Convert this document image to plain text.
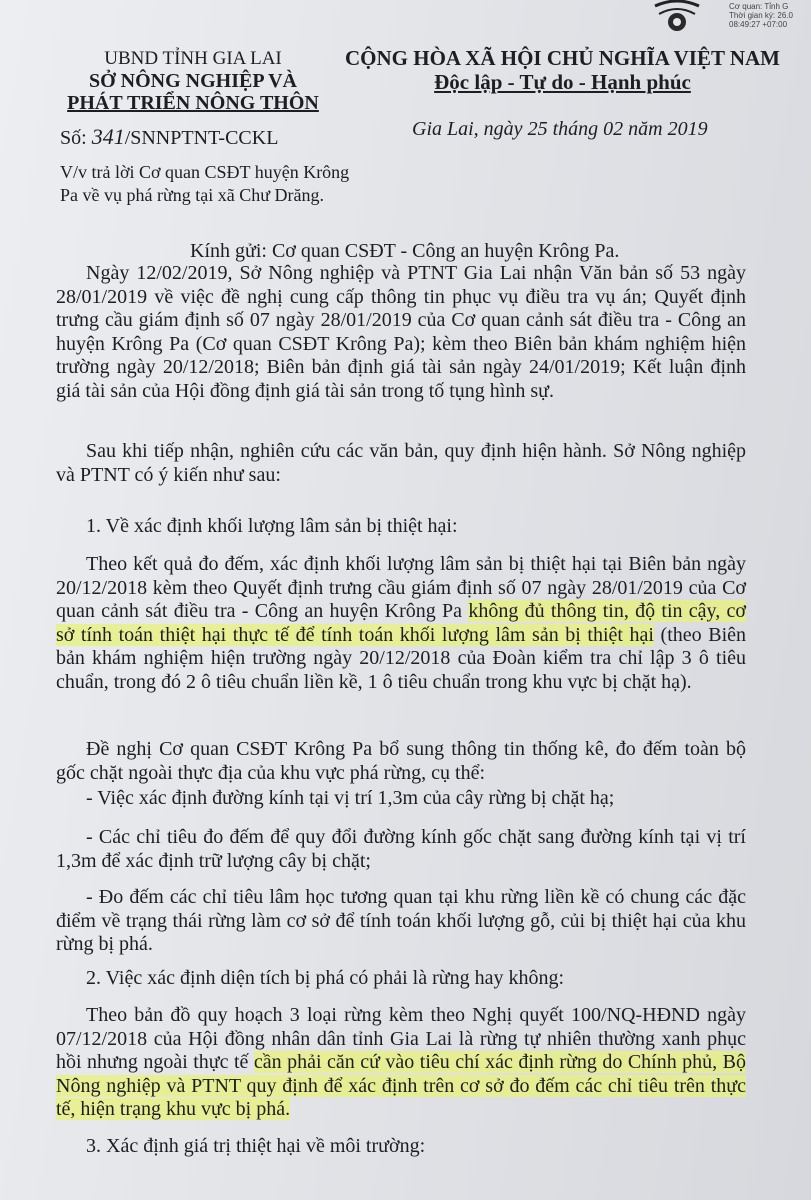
Cơ quan: Tỉnh G
Thời gian ký: 26.0
08:49:27 +07:00
UBND TỈNH GIA LAI
SỞ NÔNG NGHIỆP VÀ
PHÁT TRIỂN NÔNG THÔN
CỘNG HÒA XÃ HỘI CHỦ NGHĨA VIỆT NAM
Độc lập - Tự do - Hạnh phúc
Số: 341/SNNPTNT-CCKL	Gia Lai, ngày 25 tháng 02 năm 2019
V/v trả lời Cơ quan CSĐT huyện Krông
Pa về vụ phá rừng tại xã Chư Drăng.
Kính gửi: Cơ quan CSĐT - Công an huyện Krông Pa.

Ngày 12/02/2019, Sở Nông nghiệp và PTNT Gia Lai nhận Văn bản số 53 ngày 28/01/2019 về việc đề nghị cung cấp thông tin phục vụ điều tra vụ án; Quyết định trưng cầu giám định số 07 ngày 28/01/2019 của Cơ quan cảnh sát điều tra - Công an huyện Krông Pa (Cơ quan CSĐT Krông Pa); kèm theo Biên bản khám nghiệm hiện trường ngày 20/12/2018; Biên bản định giá tài sản ngày 24/01/2019; Kết luận định giá tài sản của Hội đồng định giá tài sản trong tố tụng hình sự.

Sau khi tiếp nhận, nghiên cứu các văn bản, quy định hiện hành. Sở Nông nghiệp và PTNT có ý kiến như sau:

1. Về xác định khối lượng lâm sản bị thiệt hại:

Theo kết quả đo đếm, xác định khối lượng lâm sản bị thiệt hại tại Biên bản ngày 20/12/2018 kèm theo Quyết định trưng cầu giám định số 07 ngày 28/01/2019 của Cơ quan cảnh sát điều tra - Công an huyện Krông Pa không đủ thông tin, độ tin cậy, cơ sở tính toán thiệt hại thực tế để tính toán khối lượng lâm sản bị thiệt hại (theo Biên bản khám nghiệm hiện trường ngày 20/12/2018 của Đoàn kiểm tra chỉ lập 3 ô tiêu chuẩn, trong đó 2 ô tiêu chuẩn liền kề, 1 ô tiêu chuẩn trong khu vực bị chặt hạ).

Đề nghị Cơ quan CSĐT Krông Pa bổ sung thông tin thống kê, đo đếm toàn bộ gốc chặt ngoài thực địa của khu vực phá rừng, cụ thể:

- Việc xác định đường kính tại vị trí 1,3m của cây rừng bị chặt hạ;

- Các chỉ tiêu đo đếm để quy đổi đường kính gốc chặt sang đường kính tại vị trí 1,3m để xác định trữ lượng cây bị chặt;

- Đo đếm các chỉ tiêu lâm học tương quan tại khu rừng liền kề có chung các đặc điểm về trạng thái rừng làm cơ sở để tính toán khối lượng gỗ, củi bị thiệt hại của khu rừng bị phá.

2. Việc xác định diện tích bị phá có phải là rừng hay không:

Theo bản đồ quy hoạch 3 loại rừng kèm theo Nghị quyết 100/NQ-HĐND ngày 07/12/2018 của Hội đồng nhân dân tỉnh Gia Lai là rừng tự nhiên thường xanh phục hồi nhưng ngoài thực tế cần phải căn cứ vào tiêu chí xác định rừng do Chính phủ, Bộ Nông nghiệp và PTNT quy định để xác định trên cơ sở đo đếm các chỉ tiêu trên thực tế, hiện trạng khu vực bị phá.

3. Xác định giá trị thiệt hại về môi trường:
